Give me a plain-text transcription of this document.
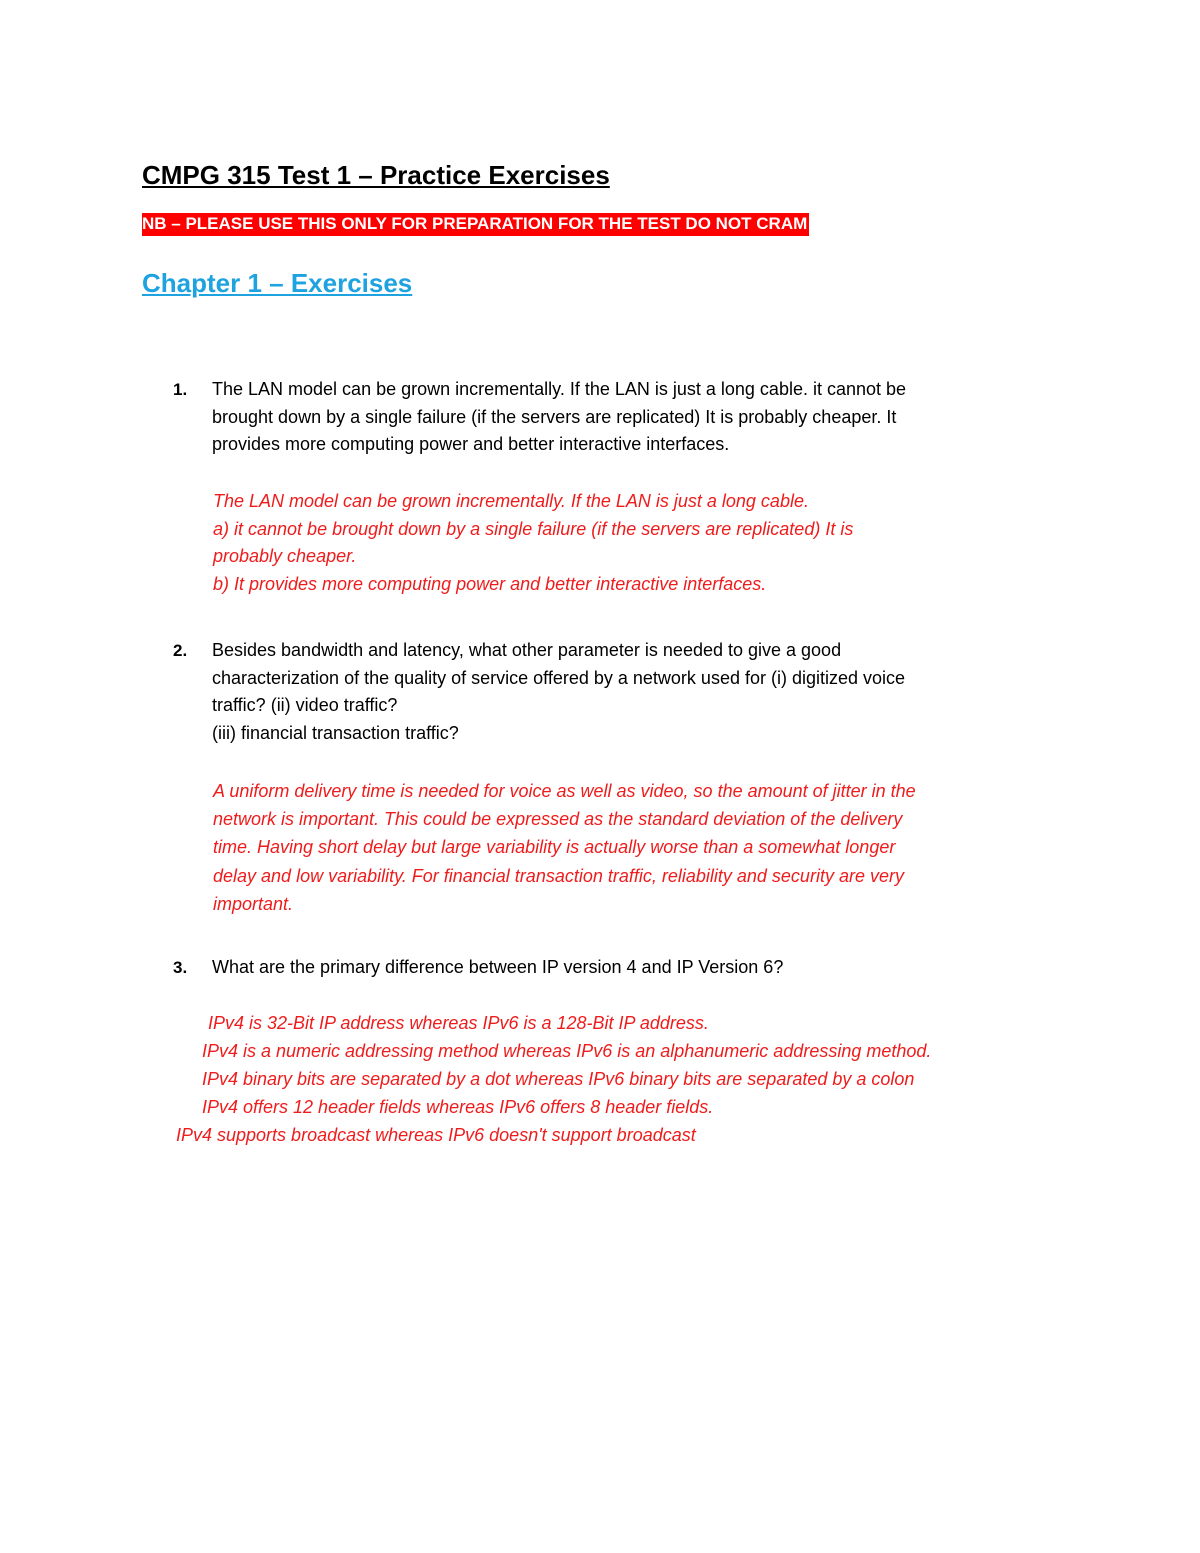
CMPG 315 Test 1 – Practice Exercises
NB – PLEASE USE THIS ONLY FOR PREPARATION FOR THE TEST DO NOT CRAM
Chapter 1 – Exercises
1. The LAN model can be grown incrementally. If the LAN is just a long cable. it cannot be
brought down by a single failure (if the servers are replicated) It is probably cheaper. It
provides more computing power and better interactive interfaces.

The LAN model can be grown incrementally. If the LAN is just a long cable.
a) it cannot be brought down by a single failure (if the servers are replicated) It is
probably cheaper.
b) It provides more computing power and better interactive interfaces.

2. Besides bandwidth and latency, what other parameter is needed to give a good
characterization of the quality of service offered by a network used for (i) digitized voice
traffic? (ii) video traffic?
(iii) financial transaction traffic?

A uniform delivery time is needed for voice as well as video, so the amount of jitter in the
network is important. This could be expressed as the standard deviation of the delivery
time. Having short delay but large variability is actually worse than a somewhat longer
delay and low variability. For financial transaction traffic, reliability and security are very
important.

3. What are the primary difference between IP version 4 and IP Version 6?

IPv4 is 32-Bit IP address whereas IPv6 is a 128-Bit IP address.
IPv4 is a numeric addressing method whereas IPv6 is an alphanumeric addressing method.
IPv4 binary bits are separated by a dot whereas IPv6 binary bits are separated by a colon
IPv4 offers 12 header fields whereas IPv6 offers 8 header fields.
IPv4 supports broadcast whereas IPv6 doesn't support broadcast
